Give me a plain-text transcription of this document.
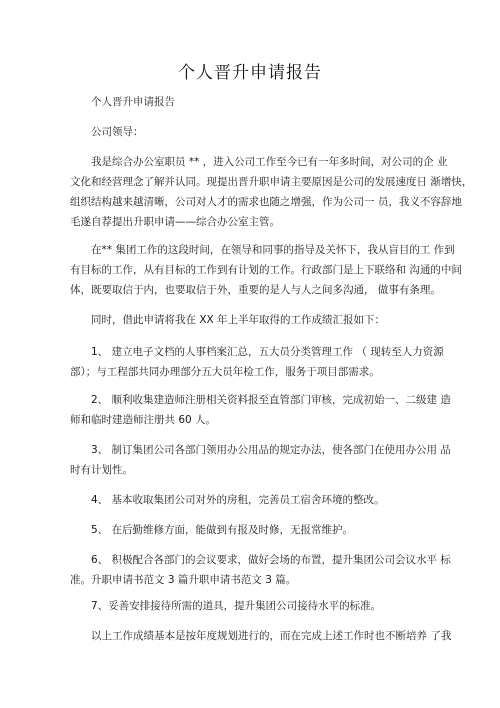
个人晋升申请报告
个人晋升申请报告
公司领导：
我是综合办公室职员 ** ，进入公司工作至今已有一年多时间，对公司的企 业
文化和经营理念了解并认同。现提出晋升职申请主要原因是公司的发展速度日 渐增快，
组织结构越来越清晰，公司对人才的需求也随之增强，作为公司一 员，我义不容辞地
毛遂自荐提出升职申请——综合办公室主管。
在** 集团工作的这段时间，在领导和同事的指导及关怀下，我从盲目的工 作到
有目标的工作，从有目标的工作到有计划的工作。行政部门是上下联络和 沟通的中间
体，既要取信于内，也要取信于外，重要的是人与人之间多沟通， 做事有条理。
同时，借此申请将我在 XX 年上半年取得的工作成绩汇报如下：
1、 建立电子文档的人事档案汇总，五大员分类管理工作 （ 现转至人力资源
部）；与工程部共同办理部分五大员年检工作，服务于项目部需求。
2、 顺利收集建造师注册相关资料报至直管部门审核，完成初始一、二级建 造
师和临时建造师注册共 60 人。
3、 制订集团公司各部门领用办公用品的规定办法，使各部门在使用办公用 品
时有计划性。
4、 基本收取集团公司对外的房租，完善员工宿舍环境的整改。
5、 在后勤维修方面，能做到有报及时修，无报常维护。
6、 积极配合各部门的会议要求，做好会场的布置，提升集团公司会议水平 标
准。升职申请书范文 3 篇升职申请书范文 3 篇。
7、妥善安排接待所需的道具，提升集团公司接待水平的标准。
以上工作成绩基本是按年度规划进行的，而在完成上述工作时也不断培养 了我
